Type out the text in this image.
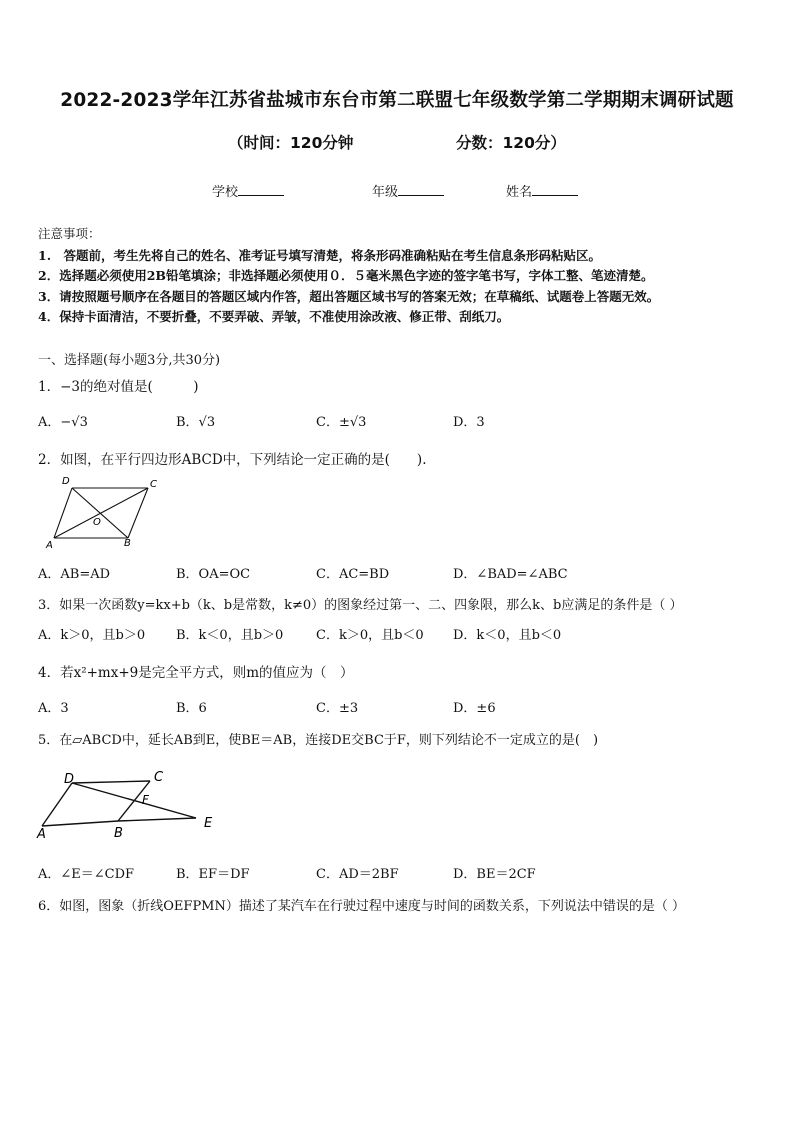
2022-2023学年江苏省盐城市东台市第二联盟七年级数学第二学期期末调研试题
（时间：120分钟	分数：120分）
学校	年级	姓名
注意事项：
1.　答题前，考生先将自己的姓名、准考证号填写清楚，将条形码准确粘贴在考生信息条形码粘贴区。
2．选择题必须使用2B铅笔填涂；非选择题必须使用０．５毫米黑色字迹的签字笔书写，字体工整、笔迹清楚。
3．请按照题号顺序在各题目的答题区域内作答，超出答题区域书写的答案无效；在草稿纸、试题卷上答题无效。
4．保持卡面清洁，不要折叠，不要弄破、弄皱，不准使用涂改液、修正带、刮纸刀。
一、选择题(每小题3分,共30分)
1．−3的绝对值是(　　　)
A．−√3	B．√3	C．±√3	D．3
2．如图，在平行四边形ABCD中，下列结论一定正确的是(　　).
D	C
O
A	B
A．AB=AD	B．OA=OC	C．AC=BD	D．∠BAD=∠ABC
3．如果一次函数y=kx+b（k、b是常数，k≠0）的图象经过第一、二、四象限，那么k、b应满足的条件是（ ）
A．k＞0，且b＞0 B．k＜0，且b＞0	C．k＞0，且b＜0 D．k＜0，且b＜0
4．若x²+mx+9是完全平方式，则m的值应为（　）
A．3	B．6	C．±3	D．±6
5．在▱ABCD中，延长AB到E，使BE＝AB，连接DE交BC于F，则下列结论不一定成立的是(　)
D	C
F
A	B
E
A．∠E＝∠CDF	B．EF＝DF	C．AD＝2BF	D．BE＝2CF
6．如图，图象（折线OEFPMN）描述了某汽车在行驶过程中速度与时间的函数关系，下列说法中错误的是（ ）
